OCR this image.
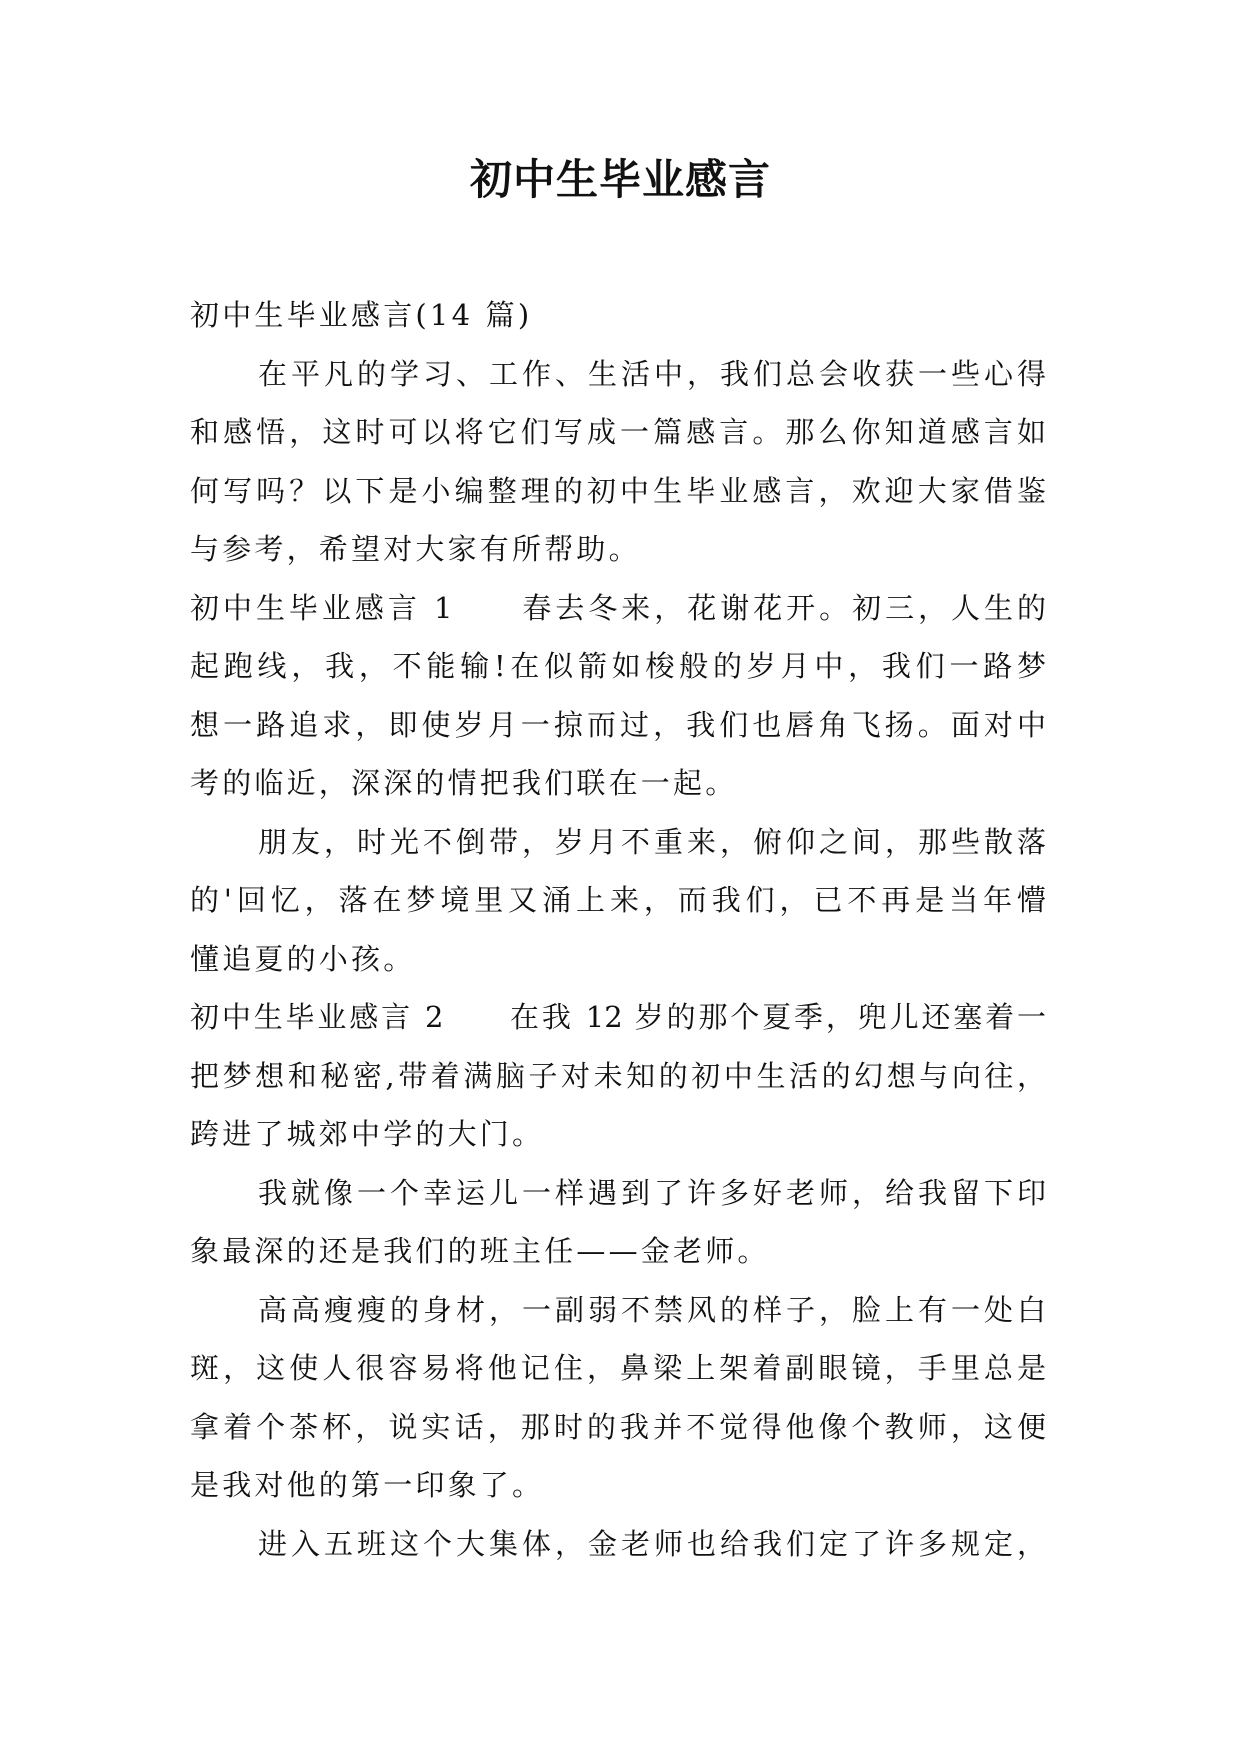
初中生毕业感言
初中生毕业感言(14 篇)
在平凡的学习、工作、生活中，我们总会收获一些心得
和感悟，这时可以将它们写成一篇感言。那么你知道感言如
何写吗？以下是小编整理的初中生毕业感言，欢迎大家借鉴
与参考，希望对大家有所帮助。
初中生毕业感言 1　　春去冬来，花谢花开。初三，人生的
起跑线，我，不能输!在似箭如梭般的岁月中，我们一路梦
想一路追求，即使岁月一掠而过，我们也唇角飞扬。面对中
考的临近，深深的情把我们联在一起。
朋友，时光不倒带，岁月不重来，俯仰之间，那些散落
的'回忆，落在梦境里又涌上来，而我们，已不再是当年懵
懂追夏的小孩。
初中生毕业感言 2　　在我 12 岁的那个夏季，兜儿还塞着一
把梦想和秘密,带着满脑子对未知的初中生活的幻想与向往，
跨进了城郊中学的大门。
我就像一个幸运儿一样遇到了许多好老师，给我留下印
象最深的还是我们的班主任——金老师。
高高瘦瘦的身材，一副弱不禁风的样子，脸上有一处白
斑，这使人很容易将他记住，鼻梁上架着副眼镜，手里总是
拿着个茶杯，说实话，那时的我并不觉得他像个教师，这便
是我对他的第一印象了。
进入五班这个大集体，金老师也给我们定了许多规定，
